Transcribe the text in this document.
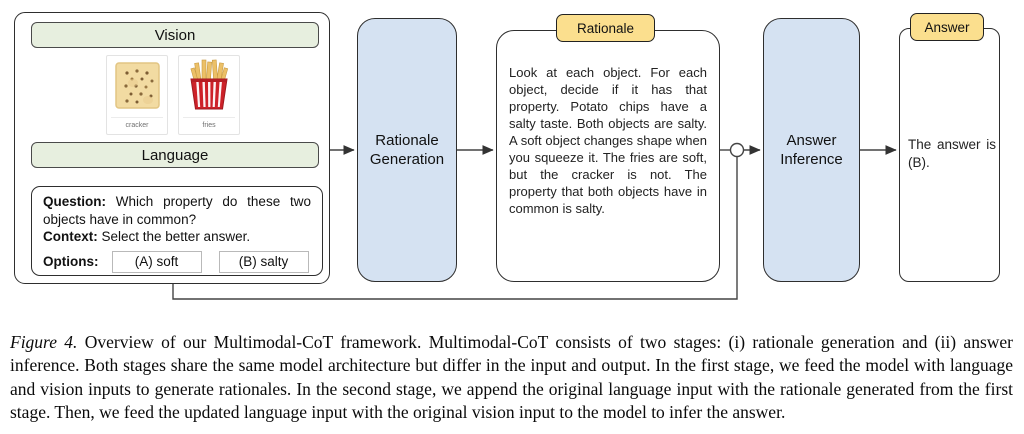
Vision
cracker	fries
Language
Question: Which property do these two objects have in common?
Context: Select the better answer.
Options:	(A) soft	(B) salty
Rationale Generation
Rationale
Look at each object. For each object, decide if it has that property. Potato chips have a salty taste. Both objects are salty. A soft object changes shape when you squeeze it. The fries are soft, but the cracker is not. The property that both objects have in common is salty.
Answer Inference
Answer
The answer is (B).
Figure 4. Overview of our Multimodal-CoT framework. Multimodal-CoT consists of two stages: (i) rationale generation and (ii) answer inference. Both stages share the same model architecture but differ in the input and output. In the first stage, we feed the model with language and vision inputs to generate rationales. In the second stage, we append the original language input with the rationale generated from the first stage. Then, we feed the updated language input with the original vision input to the model to infer the answer.
